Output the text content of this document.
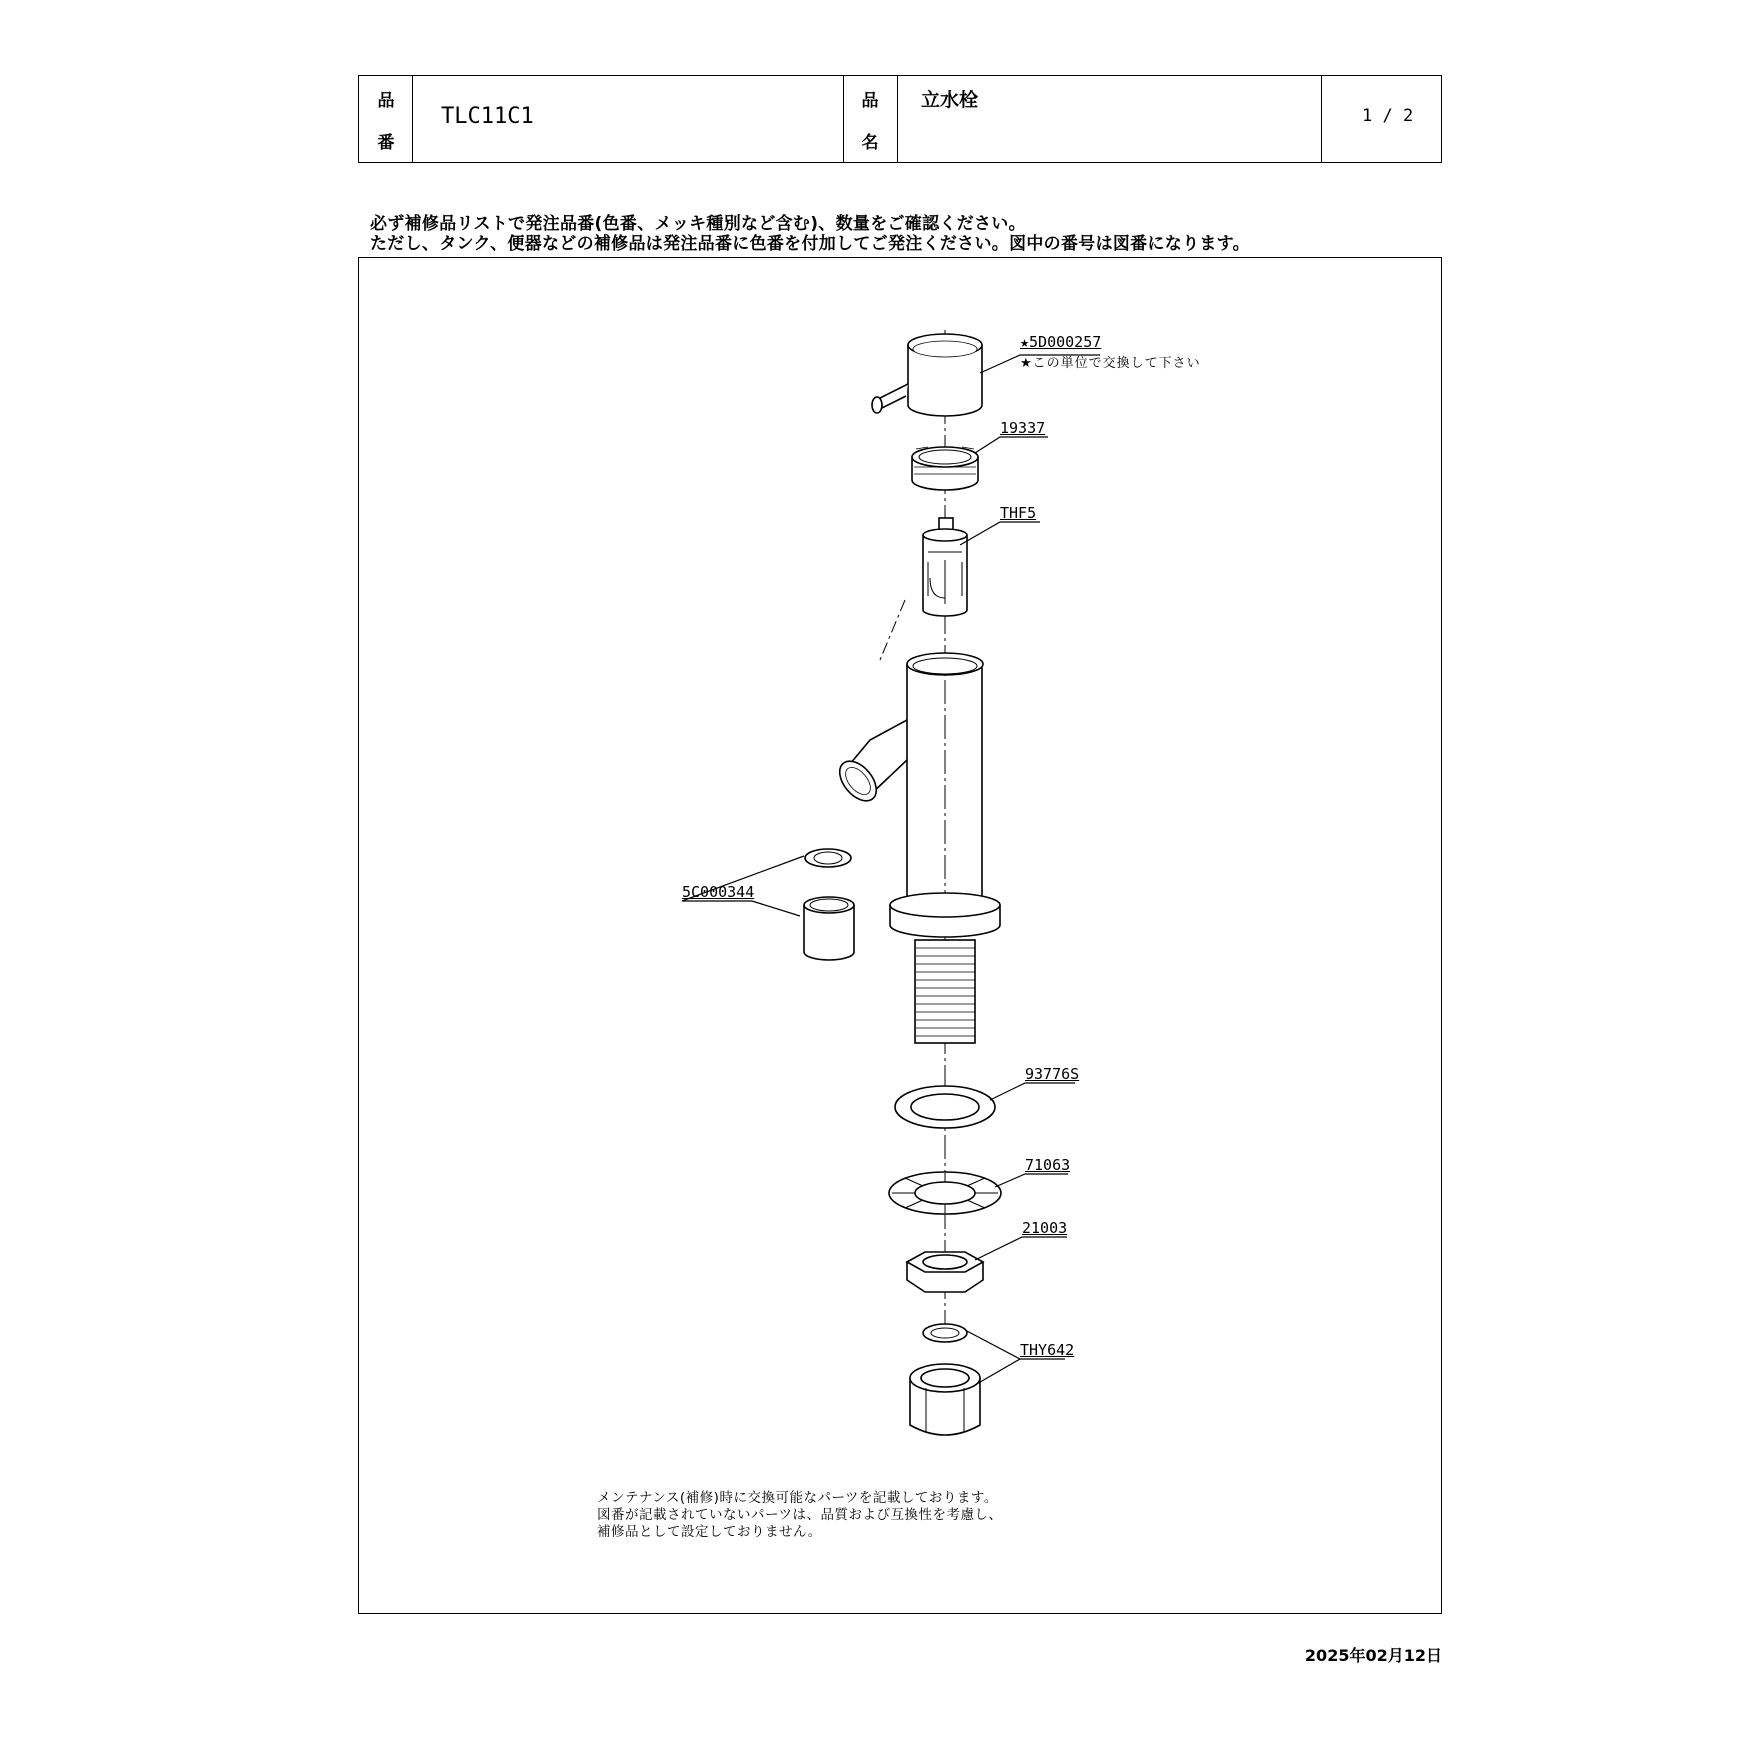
品
番
TLC11C1
品
名
立水栓
1 / 2
必ず補修品リストで発注品番(色番、メッキ種別など含む)、数量をご確認ください。
ただし、タンク、便器などの補修品は発注品番に色番を付加してご発注ください。図中の番号は図番になります。
★5D000257
★この単位で交換して下さい
19337
THF5
5C000344
93776S
71063
21003
THY642
メンテナンス(補修)時に交換可能なパーツを記載しております。
図番が記載されていないパーツは、品質および互換性を考慮し、
補修品として設定しておりません。
2025年02月12日
